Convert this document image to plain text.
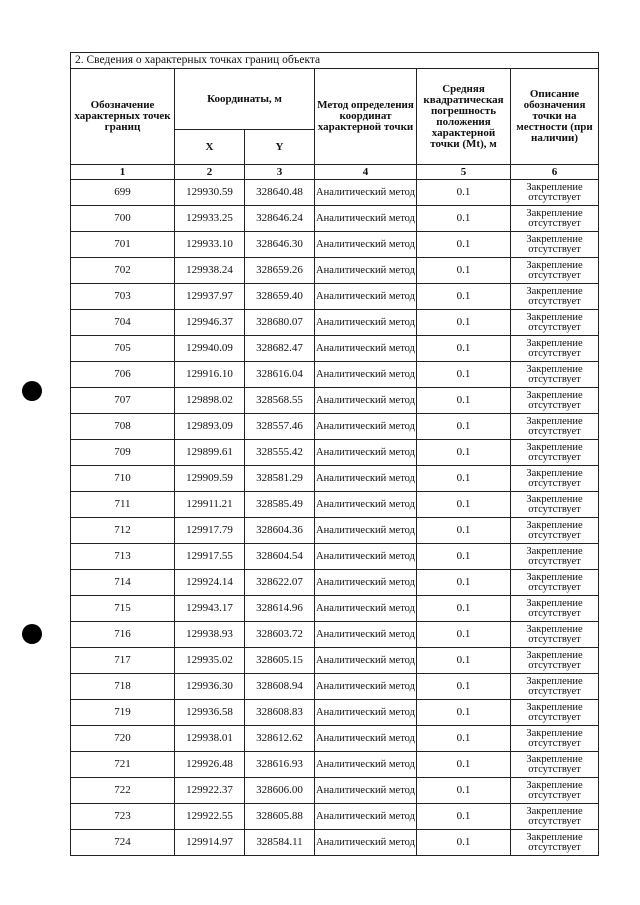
2. Сведения о характерных точках границ объекта					
Обозначение характерных точек границ	Координаты, м		Метод определения координат характерной точки	Средняя квадратическая погрешность положения характерной точки (Mt), м	Описание обозначения точки на местности (при наличии)
	X	Y			
1	2	3	4	5	6
699	129930.59	328640.48	Аналитический метод	0.1	Закрепление отсутствует
700	129933.25	328646.24	Аналитический метод	0.1	Закрепление отсутствует
701	129933.10	328646.30	Аналитический метод	0.1	Закрепление отсутствует
702	129938.24	328659.26	Аналитический метод	0.1	Закрепление отсутствует
703	129937.97	328659.40	Аналитический метод	0.1	Закрепление отсутствует
704	129946.37	328680.07	Аналитический метод	0.1	Закрепление отсутствует
705	129940.09	328682.47	Аналитический метод	0.1	Закрепление отсутствует
706	129916.10	328616.04	Аналитический метод	0.1	Закрепление отсутствует
707	129898.02	328568.55	Аналитический метод	0.1	Закрепление отсутствует
708	129893.09	328557.46	Аналитический метод	0.1	Закрепление отсутствует
709	129899.61	328555.42	Аналитический метод	0.1	Закрепление отсутствует
710	129909.59	328581.29	Аналитический метод	0.1	Закрепление отсутствует
711	129911.21	328585.49	Аналитический метод	0.1	Закрепление отсутствует
712	129917.79	328604.36	Аналитический метод	0.1	Закрепление отсутствует
713	129917.55	328604.54	Аналитический метод	0.1	Закрепление отсутствует
714	129924.14	328622.07	Аналитический метод	0.1	Закрепление отсутствует
715	129943.17	328614.96	Аналитический метод	0.1	Закрепление отсутствует
716	129938.93	328603.72	Аналитический метод	0.1	Закрепление отсутствует
717	129935.02	328605.15	Аналитический метод	0.1	Закрепление отсутствует
718	129936.30	328608.94	Аналитический метод	0.1	Закрепление отсутствует
719	129936.58	328608.83	Аналитический метод	0.1	Закрепление отсутствует
720	129938.01	328612.62	Аналитический метод	0.1	Закрепление отсутствует
721	129926.48	328616.93	Аналитический метод	0.1	Закрепление отсутствует
722	129922.37	328606.00	Аналитический метод	0.1	Закрепление отсутствует
723	129922.55	328605.88	Аналитический метод	0.1	Закрепление отсутствует
724	129914.97	328584.11	Аналитический метод	0.1	Закрепление отсутствует
